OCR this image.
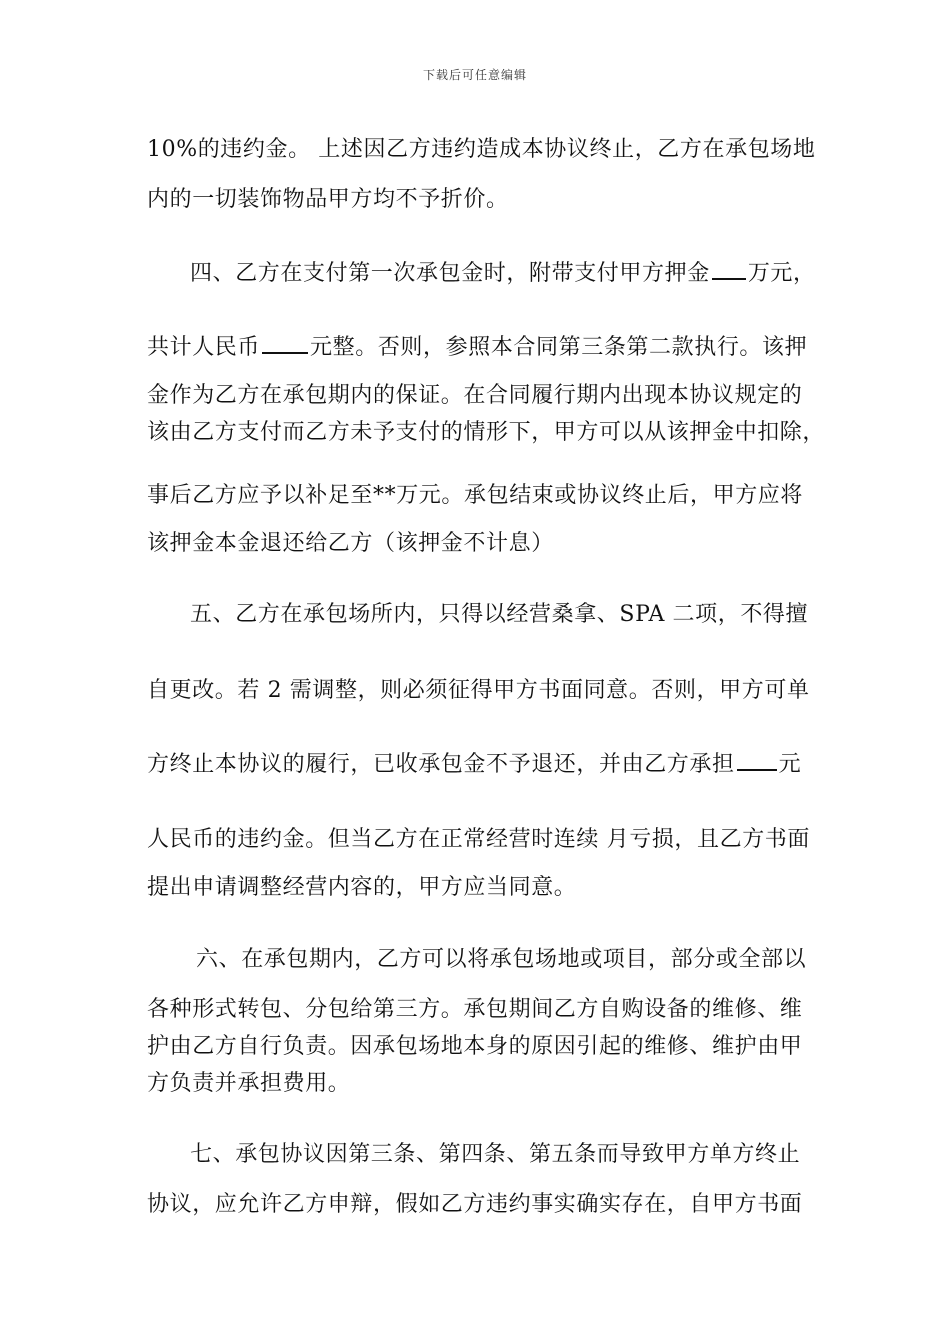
下载后可任意编辑
10%的违约金。 上述因乙方违约造成本协议终止，乙方在承包场地
内的一切装饰物品甲方均不予折价。
四、乙方在支付第一次承包金时，附带支付甲方押金 万元，
共计人民币 元整。否则，参照本合同第三条第二款执行。该押
金作为乙方在承包期内的保证。在合同履行期内出现本协议规定的
该由乙方支付而乙方未予支付的情形下，甲方可以从该押金中扣除，
事后乙方应予以补足至**万元。承包结束或协议终止后，甲方应将
该押金本金退还给乙方（该押金不计息）
五、乙方在承包场所内，只得以经营桑拿、SPA 二项，不得擅
自更改。若 2 需调整，则必须征得甲方书面同意。否则，甲方可单
方终止本协议的履行，已收承包金不予退还，并由乙方承担 元
人民币的违约金。但当乙方在正常经营时连续 月亏损，且乙方书面
提出申请调整经营内容的，甲方应当同意。
六、在承包期内，乙方可以将承包场地或项目，部分或全部以
各种形式转包、分包给第三方。承包期间乙方自购设备的维修、维
护由乙方自行负责。因承包场地本身的原因引起的维修、维护由甲
方负责并承担费用。
七、承包协议因第三条、第四条、第五条而导致甲方单方终止
协议，应允许乙方申辩，假如乙方违约事实确实存在，自甲方书面
